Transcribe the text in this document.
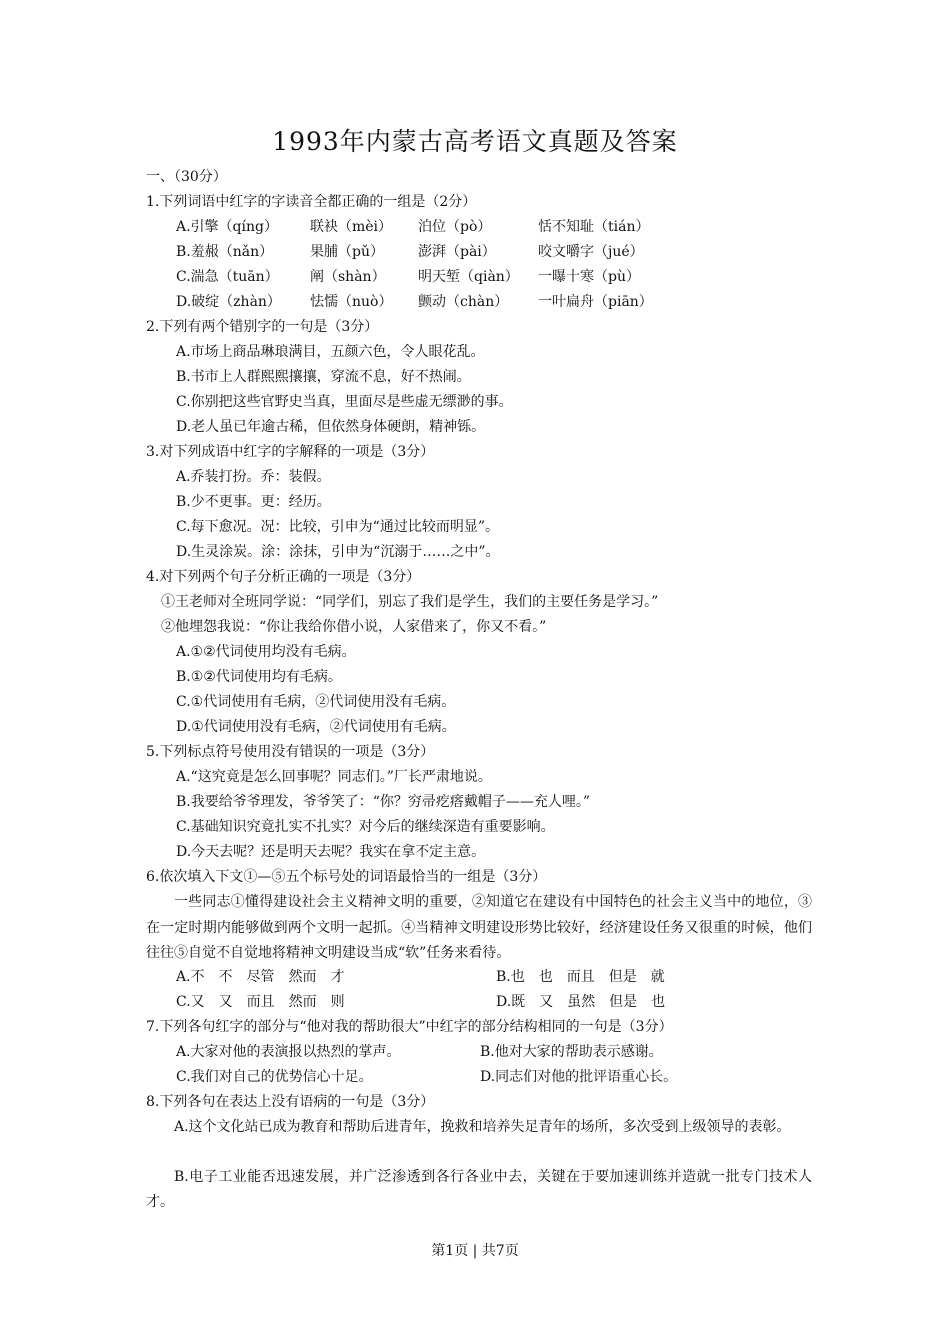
1993年内蒙古高考语文真题及答案
一、（30分）
1.下列词语中红字的字读音全都正确的一组是（2分）
A.引擎（qíng）	联袂（mèi）	泊位（pò）	恬不知耻（tián）
B.羞赧（nǎn）	果脯（pǔ）	澎湃（pài）	咬文嚼字（jué）
C.湍急（tuān）	阐（shàn）	明天堑（qiàn）	一曝十寒（pù）
D.破绽（zhàn）	怯懦（nuò）	颤动（chàn）	一叶扁舟（piān）
2.下列有两个错别字的一句是（3分）
A.市场上商品琳琅满目，五颜六色，令人眼花乱。
B.书市上人群熙熙攘攘，穿流不息，好不热闹。
C.你别把这些官野史当真，里面尽是些虚无缥渺的事。
D.老人虽已年逾古稀，但依然身体硬朗，精神铄。
3.对下列成语中红字的字解释的一项是（3分）
A.乔装打扮。乔：装假。
B.少不更事。更：经历。
C.每下愈况。况：比较，引申为“通过比较而明显”。
D.生灵涂炭。涂：涂抹，引申为“沉溺于……之中”。
4.对下列两个句子分析正确的一项是（3分）
①王老师对全班同学说：“同学们，别忘了我们是学生，我们的主要任务是学习。”
②他埋怨我说：“你让我给你借小说，人家借来了，你又不看。”
A.①②代词使用均没有毛病。
B.①②代词使用均有毛病。
C.①代词使用有毛病，②代词使用没有毛病。
D.①代词使用没有毛病，②代词使用有毛病。
5.下列标点符号使用没有错误的一项是（3分）
A.“这究竟是怎么回事呢？同志们。”厂长严肃地说。
B.我要给爷爷理发，爷爷笑了：“你？穷帚疙瘩戴帽子——充人哩。”
C.基础知识究竟扎实不扎实？对今后的继续深造有重要影响。
D.今天去呢？还是明天去呢？我实在拿不定主意。
6.依次填入下文①—⑤五个标号处的词语最恰当的一组是（3分）
一些同志①懂得建设社会主义精神文明的重要，②知道它在建设有中国特色的社会主义当中的地位，③在一定时期内能够做到两个文明一起抓。④当精神文明建设形势比较好，经济建设任务又很重的时候，他们往往⑤自觉不自觉地将精神文明建设当成“软”任务来看待。
A.不　不　尽管　然而　才	B.也　也　而且　但是　就
C.又　又　而且　然而　则	D.既　又　虽然　但是　也
7.下列各句红字的部分与“他对我的帮助很大”中红字的部分结构相同的一句是（3分）
A.大家对他的表演报以热烈的掌声。	B.他对大家的帮助表示感谢。
C.我们对自己的优势信心十足。	D.同志们对他的批评语重心长。
8.下列各句在表达上没有语病的一句是（3分）
A.这个文化站已成为教育和帮助后进青年，挽救和培养失足青年的场所，多次受到上级领导的表彰。
B.电子工业能否迅速发展，并广泛渗透到各行各业中去，关键在于要加速训练并造就一批专门技术人才。
第1页 | 共7页
